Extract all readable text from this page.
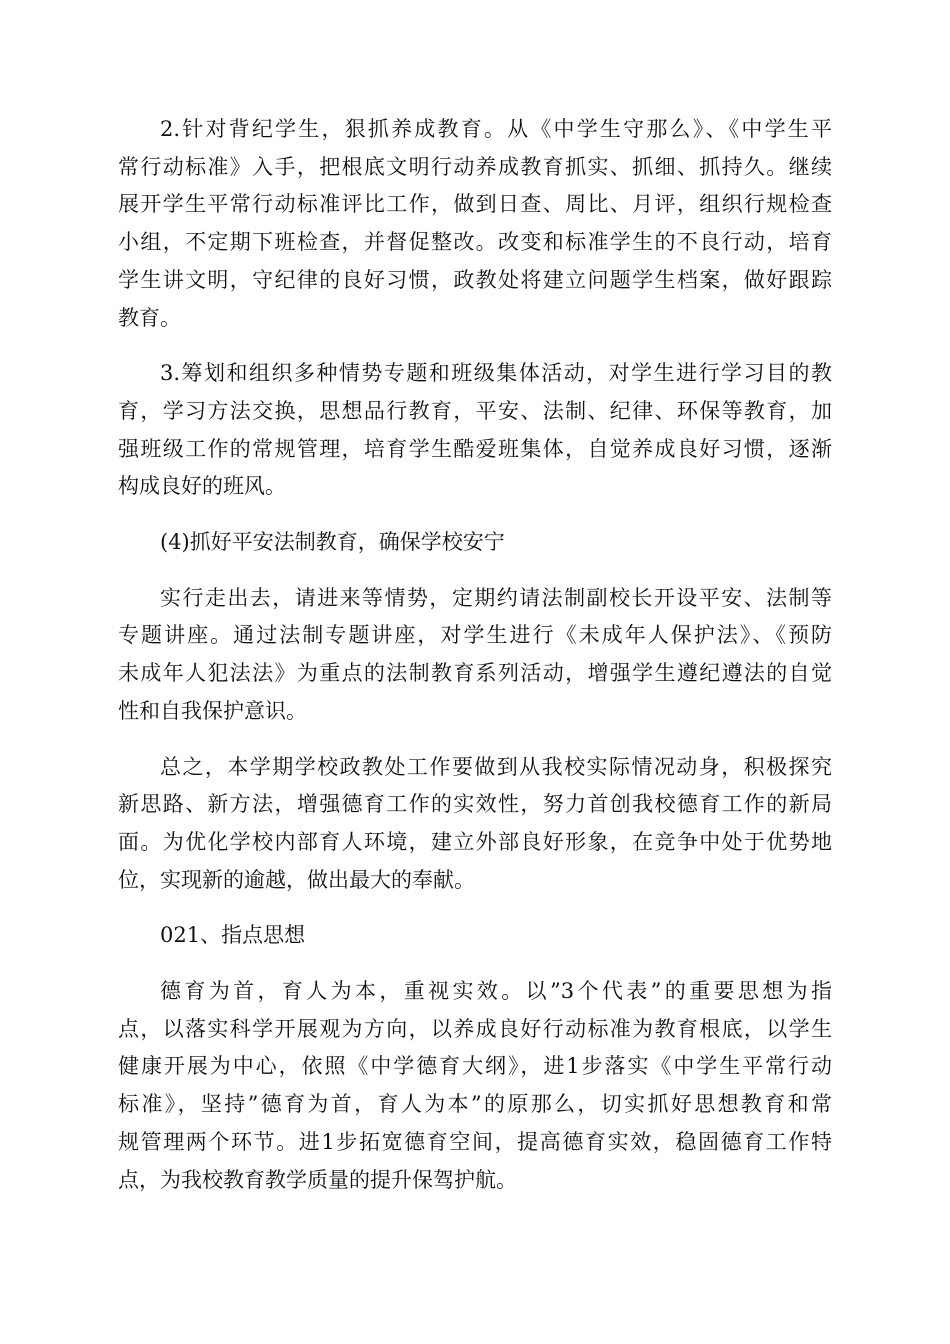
2.针对背纪学生，狠抓养成教育。从《中学生守那么》、《中学生平
常行动标准》入手，把根底文明行动养成教育抓实、抓细、抓持久。继续
展开学生平常行动标准评比工作，做到日查、周比、月评，组织行规检查
小组，不定期下班检查，并督促整改。改变和标准学生的不良行动，培育
学生讲文明，守纪律的良好习惯，政教处将建立问题学生档案，做好跟踪
教育。
3.筹划和组织多种情势专题和班级集体活动，对学生进行学习目的教
育，学习方法交换，思想品行教育，平安、法制、纪律、环保等教育，加
强班级工作的常规管理，培育学生酷爱班集体，自觉养成良好习惯，逐渐
构成良好的班风。
(4)抓好平安法制教育，确保学校安宁
实行走出去，请进来等情势，定期约请法制副校长开设平安、法制等
专题讲座。通过法制专题讲座，对学生进行《未成年人保护法》、《预防
未成年人犯法法》为重点的法制教育系列活动，增强学生遵纪遵法的自觉
性和自我保护意识。
总之，本学期学校政教处工作要做到从我校实际情况动身，积极探究
新思路、新方法，增强德育工作的实效性，努力首创我校德育工作的新局
面。为优化学校内部育人环境，建立外部良好形象，在竞争中处于优势地
位，实现新的逾越，做出最大的奉献。
021、指点思想
德育为首，育人为本，重视实效。以”3个代表”的重要思想为指
点，以落实科学开展观为方向，以养成良好行动标准为教育根底，以学生
健康开展为中心，依照《中学德育大纲》，进1步落实《中学生平常行动
标准》，坚持”德育为首，育人为本”的原那么，切实抓好思想教育和常
规管理两个环节。进1步拓宽德育空间，提高德育实效，稳固德育工作特
点，为我校教育教学质量的提升保驾护航。
